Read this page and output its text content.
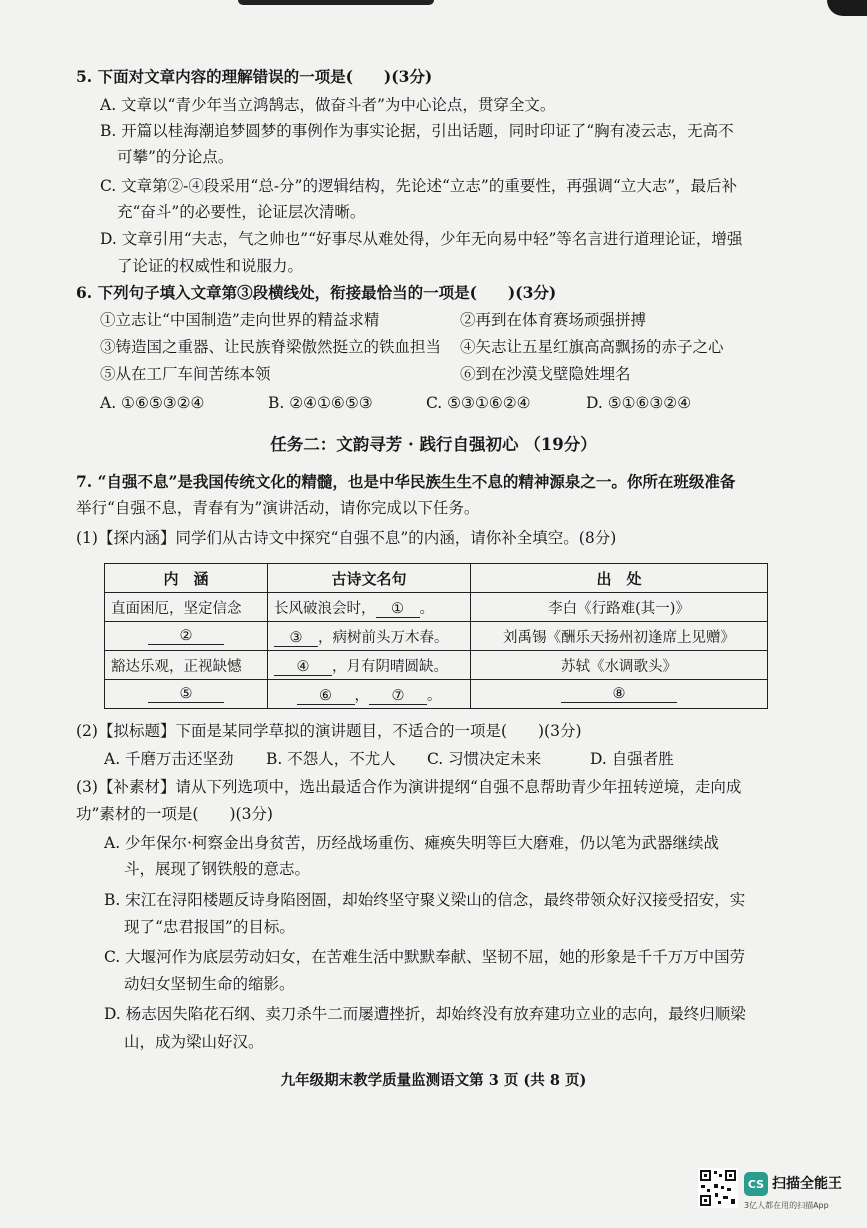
5. 下面对文章内容的理解错误的一项是(　　)(3分)
A. 文章以“青少年当立鸿鹄志，做奋斗者”为中心论点，贯穿全文。
B. 开篇以桂海潮追梦圆梦的事例作为事实论据，引出话题，同时印证了“胸有凌云志，无高不
可攀”的分论点。
C. 文章第②-④段采用“总-分”的逻辑结构，先论述“立志”的重要性，再强调“立大志”，最后补
充“奋斗”的必要性，论证层次清晰。
D. 文章引用“夫志，气之帅也”“好事尽从难处得，少年无向易中轻”等名言进行道理论证，增强
了论证的权威性和说服力。
6. 下列句子填入文章第③段横线处，衔接最恰当的一项是(　　)(3分)
①立志让“中国制造”走向世界的精益求精	②再到在体育赛场顽强拼搏
③铸造国之重器、让民族脊梁傲然挺立的铁血担当 ④矢志让五星红旗高高飘扬的赤子之心
⑤从在工厂车间苦练本领	⑥到在沙漠戈壁隐姓埋名
A. ①⑥⑤③②④	B. ②④①⑥⑤③	C. ⑤③①⑥②④	D. ⑤①⑥③②④
任务二：文韵寻芳 · 践行自强初心 （19分）
7. “自强不息”是我国传统文化的精髓，也是中华民族生生不息的精神源泉之一。你所在班级准备
举行“自强不息，青春有为”演讲活动，请你完成以下任务。
(1)【探内涵】同学们从古诗文中探究“自强不息”的内涵，请你补全填空。(8分)
内　涵	古诗文名句	出　处
直面困厄，坚定信念	长风破浪会时， ① 。	李白《行路难(其一)》
②	③ ，病树前头万木春。	刘禹锡《酬乐天扬州初逢席上见赠》
豁达乐观，正视缺憾	④ ，月有阴晴圆缺。	苏轼《水调歌头》
⑤	⑥ ， ⑦ 。	⑧
(2)【拟标题】下面是某同学草拟的演讲题目，不适合的一项是(　　)(3分)
A. 千磨万击还坚劲 B. 不怨人，不尤人 C. 习惯决定未来	D. 自强者胜
(3)【补素材】请从下列选项中，选出最适合作为演讲提纲“自强不息帮助青少年扭转逆境，走向成
功”素材的一项是(　　)(3分)
A. 少年保尔·柯察金出身贫苦，历经战场重伤、瘫痪失明等巨大磨难，仍以笔为武器继续战
斗，展现了钢铁般的意志。
B. 宋江在浔阳楼题反诗身陷囹圄，却始终坚守聚义梁山的信念，最终带领众好汉接受招安，实
现了“忠君报国”的目标。
C. 大堰河作为底层劳动妇女，在苦难生活中默默奉献、坚韧不屈，她的形象是千千万万中国劳
动妇女坚韧生命的缩影。
D. 杨志因失陷花石纲、卖刀杀牛二而屡遭挫折，却始终没有放弃建功立业的志向，最终归顺梁
山，成为梁山好汉。
九年级期末教学质量监测语文第 3 页 (共 8 页)
CS 扫描全能王
3亿人都在用的扫描App
